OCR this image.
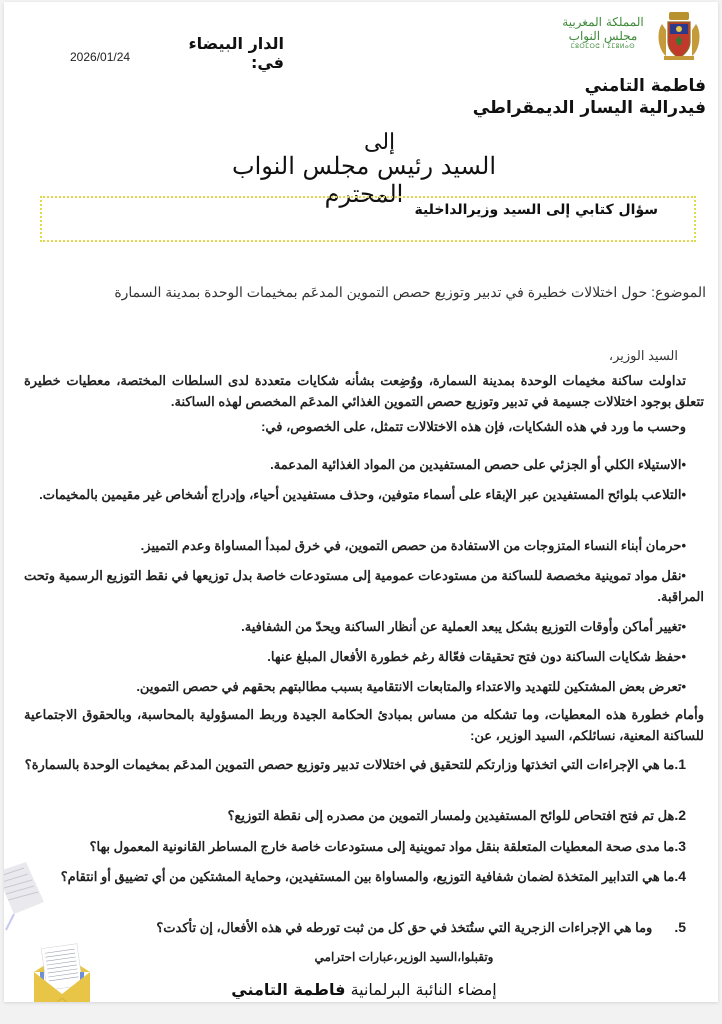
المملكة المغربية
مجلس النواب
ⵎⵓⵔⵎⵔⵛ ⵏ ⵉⵎⵓⵍⴰⵙ
الدار البيضاء في:
2026/01/24
فاطمة التامني
فيدرالية اليسار الديمقراطي
إلى
السيد رئيس مجلس النواب المحترم
سؤال كتابي إلى السيد وزيرالداخلية
الموضوع: حول اختلالات خطيرة في تدبير وتوزيع حصص التموين المدعَم بمخيمات الوحدة بمدينة السمارة
السيد الوزير،
تداولت ساكنة مخيمات الوحدة بمدينة السمارة، ووُضِعت بشأنه شكايات متعددة لدى السلطات المختصة، معطيات خطيرة تتعلق بوجود اختلالات جسيمة في تدبير وتوزيع حصص التموين الغذائي المدعَم المخصص لهذه الساكنة.
وحسب ما ورد في هذه الشكايات، فإن هذه الاختلالات تتمثل، على الخصوص، في:
•الاستيلاء الكلي أو الجزئي على حصص المستفيدين من المواد الغذائية المدعمة.
•التلاعب بلوائح المستفيدين عبر الإبقاء على أسماء متوفين، وحذف مستفيدين أحياء، وإدراج أشخاص غير مقيمين بالمخيمات.
•حرمان أبناء النساء المتزوجات من الاستفادة من حصص التموين، في خرق لمبدأ المساواة وعدم التمييز.
•نقل مواد تموينية مخصصة للساكنة من مستودعات عمومية إلى مستودعات خاصة بدل توزيعها في نقط التوزيع الرسمية وتحت المراقبة.
•تغيير أماكن وأوقات التوزيع بشكل يبعد العملية عن أنظار الساكنة ويحدّ من الشفافية.
•حفظ شكايات الساكنة دون فتح تحقيقات فعّالة رغم خطورة الأفعال المبلغ عنها.
•تعرض بعض المشتكين للتهديد والاعتداء والمتابعات الانتقامية بسبب مطالبتهم بحقهم في حصص التموين.
وأمام خطورة هذه المعطيات، وما تشكله من مساس بمبادئ الحكامة الجيدة وربط المسؤولية بالمحاسبة، وبالحقوق الاجتماعية للساكنة المعنية، نسائلكم، السيد الوزير، عن:
1.ما هي الإجراءات التي اتخذتها وزارتكم للتحقيق في اختلالات تدبير وتوزيع حصص التموين المدعَم بمخيمات الوحدة بالسمارة؟
2.هل تم فتح افتحاص للوائح المستفيدين ولمسار التموين من مصدره إلى نقطة التوزيع؟
3.ما مدى صحة المعطيات المتعلقة بنقل مواد تموينية إلى مستودعات خاصة خارج المساطر القانونية المعمول بها؟
4.ما هي التدابير المتخذة لضمان شفافية التوزيع، والمساواة بين المستفيدين، وحماية المشتكين من أي تضييق أو انتقام؟
5.وما هي الإجراءات الزجرية التي ستُتخذ في حق كل من ثبت تورطه في هذه الأفعال، إن تأكدت؟
وتقبلوا،السيد الوزير،عبارات احترامي
إمضاء النائبة البرلمانية فاطمة التامني
